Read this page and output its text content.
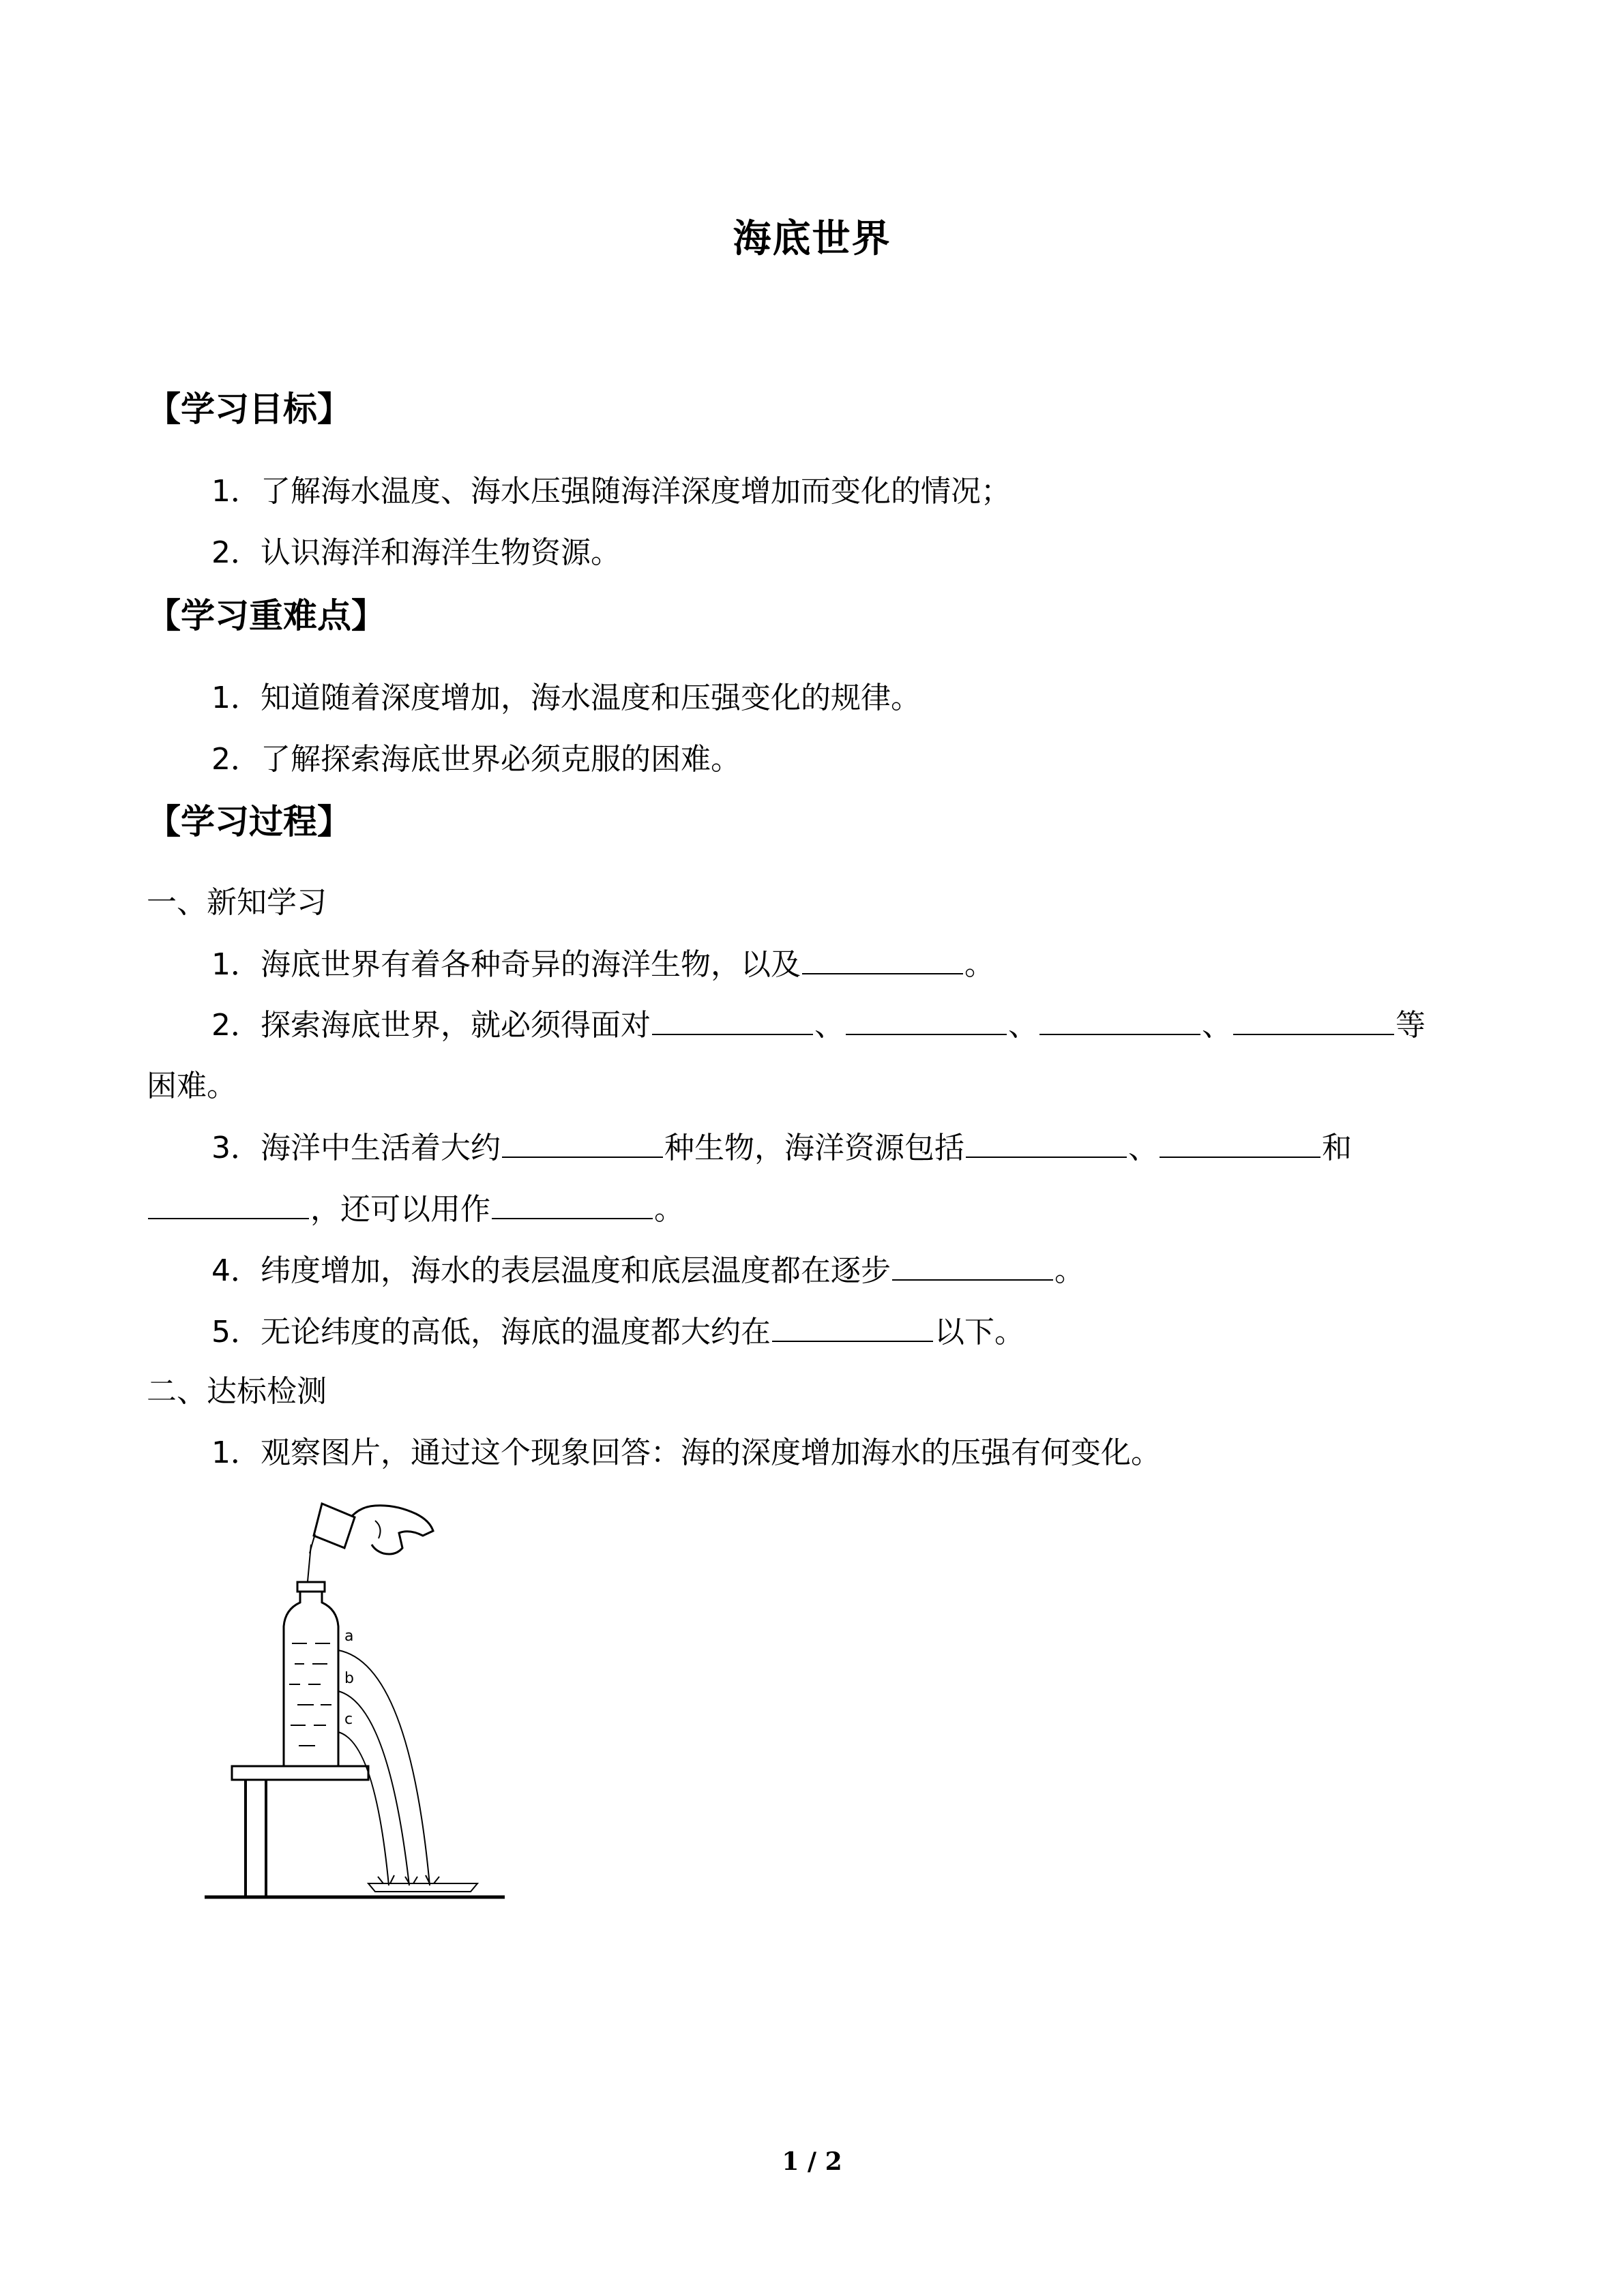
海底世界
【学习目标】
1．了解海水温度、海水压强随海洋深度增加而变化的情况；
2．认识海洋和海洋生物资源。
【学习重难点】
1．知道随着深度增加，海水温度和压强变化的规律。
2．了解探索海底世界必须克服的困难。
【学习过程】
一、新知学习
1．海底世界有着各种奇异的海洋生物，以及	。
2．探索海底世界，就必须得面对	、	、	、	等
困难。
3．海洋中生活着大约	种生物，海洋资源包括	、	和
，还可以用作	。
4．纬度增加，海水的表层温度和底层温度都在逐步	。
5．无论纬度的高低，海底的温度都大约在	以下。
二、达标检测
1．观察图片，通过这个现象回答：海的深度增加海水的压强有何变化。
a
b
c
1 / 2
